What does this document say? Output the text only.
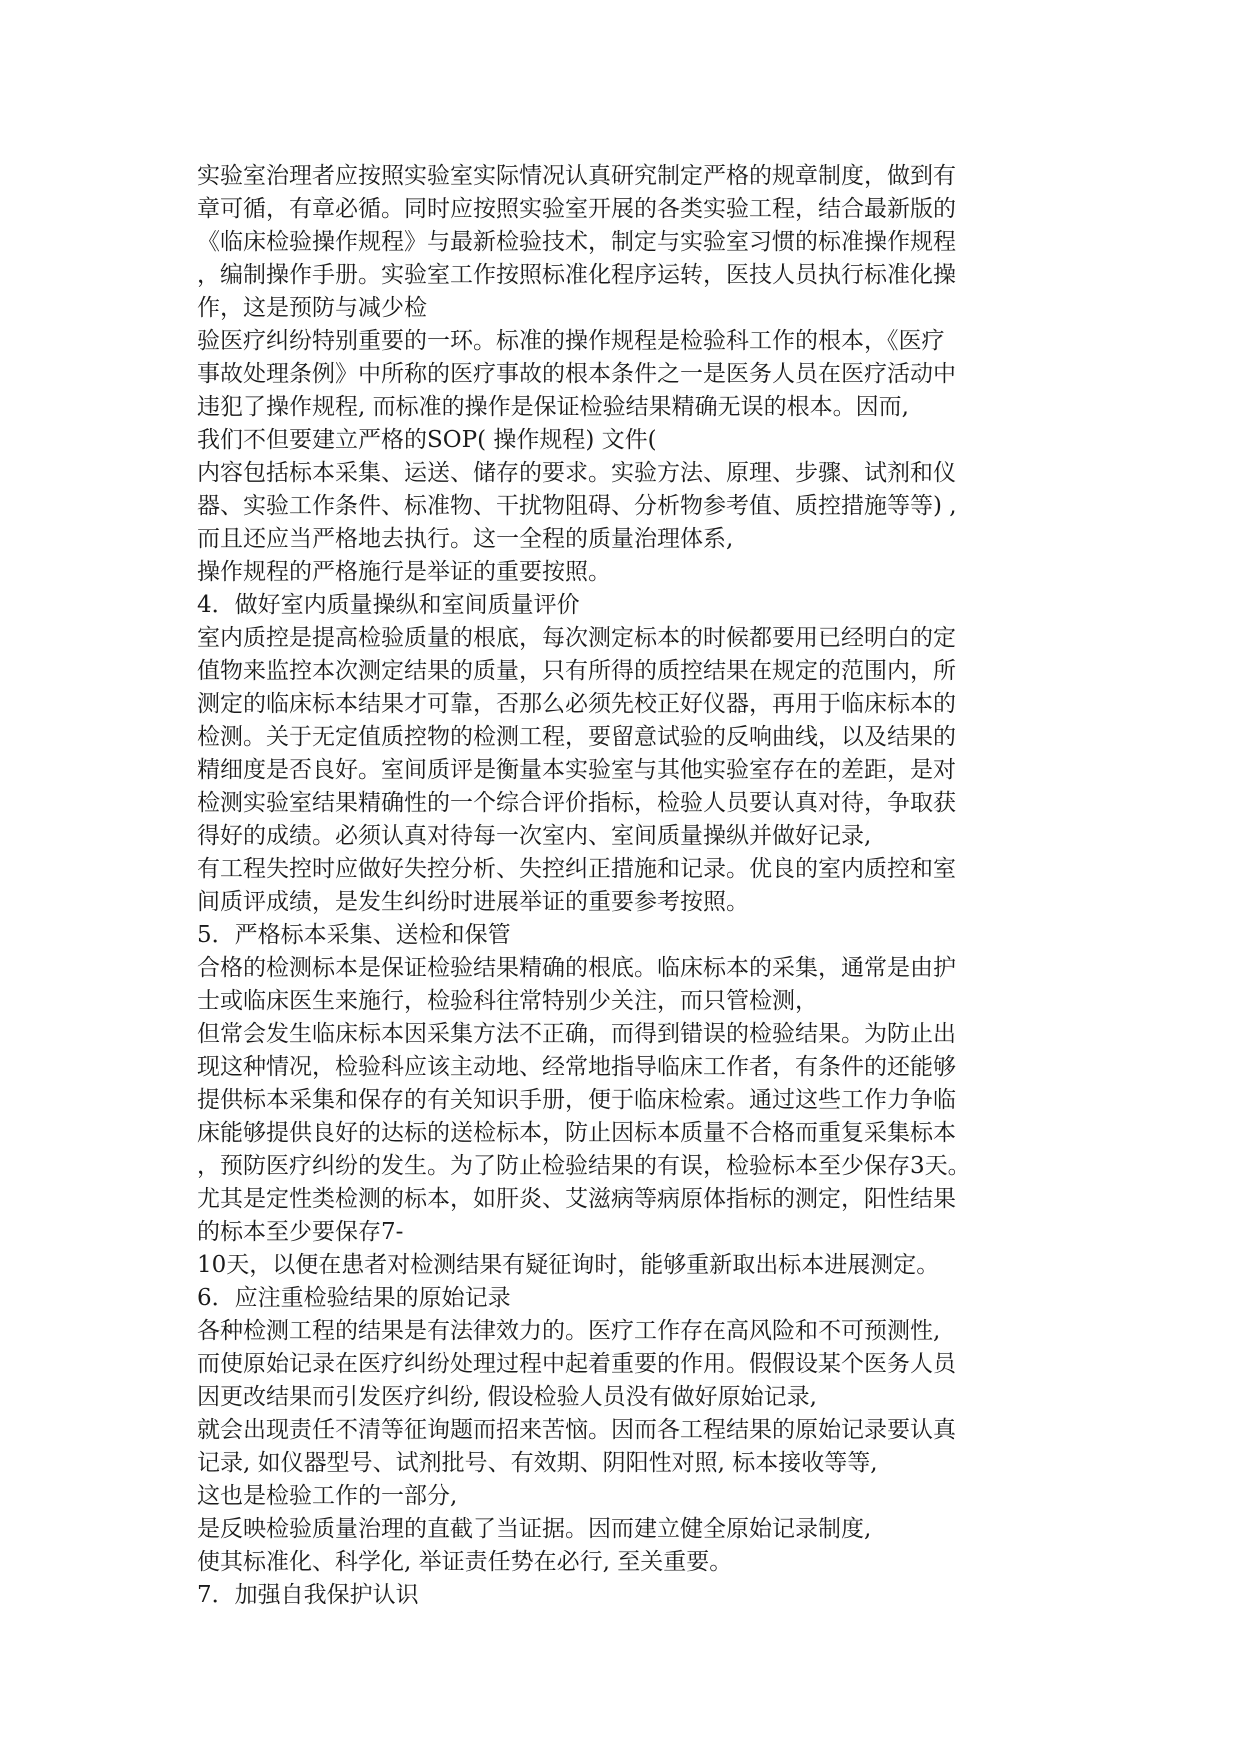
实验室治理者应按照实验室实际情况认真研究制定严格的规章制度，做到有
章可循，有章必循。同时应按照实验室开展的各类实验工程，结合最新版的
《临床检验操作规程》与最新检验技术，制定与实验室习惯的标准操作规程
，编制操作手册。实验室工作按照标准化程序运转，医技人员执行标准化操
作，这是预防与减少检
验医疗纠纷特别重要的一环。标准的操作规程是检验科工作的根本，《医疗
事故处理条例》中所称的医疗事故的根本条件之一是医务人员在医疗活动中
违犯了操作规程, 而标准的操作是保证检验结果精确无误的根本。因而,
我们不但要建立严格的SOP( 操作规程) 文件(
内容包括标本采集、运送、储存的要求。实验方法、原理、步骤、试剂和仪
器、实验工作条件、标准物、干扰物阻碍、分析物参考值、质控措施等等) ,
而且还应当严格地去执行。这一全程的质量治理体系,
操作规程的严格施行是举证的重要按照。
4．做好室内质量操纵和室间质量评价
室内质控是提高检验质量的根底，每次测定标本的时候都要用已经明白的定
值物来监控本次测定结果的质量，只有所得的质控结果在规定的范围内，所
测定的临床标本结果才可靠，否那么必须先校正好仪器，再用于临床标本的
检测。关于无定值质控物的检测工程，要留意试验的反响曲线，以及结果的
精细度是否良好。室间质评是衡量本实验室与其他实验室存在的差距，是对
检测实验室结果精确性的一个综合评价指标，检验人员要认真对待，争取获
得好的成绩。必须认真对待每一次室内、室间质量操纵并做好记录,
有工程失控时应做好失控分析、失控纠正措施和记录。优良的室内质控和室
间质评成绩，是发生纠纷时进展举证的重要参考按照。
5．严格标本采集、送检和保管
合格的检测标本是保证检验结果精确的根底。临床标本的采集，通常是由护
士或临床医生来施行，检验科往常特别少关注，而只管检测，
但常会发生临床标本因采集方法不正确，而得到错误的检验结果。为防止出
现这种情况，检验科应该主动地、经常地指导临床工作者，有条件的还能够
提供标本采集和保存的有关知识手册，便于临床检索。通过这些工作力争临
床能够提供良好的达标的送检标本，防止因标本质量不合格而重复采集标本
，预防医疗纠纷的发生。为了防止检验结果的有误，检验标本至少保存3天。
尤其是定性类检测的标本，如肝炎、艾滋病等病原体指标的测定，阳性结果
的标本至少要保存7-
10天，以便在患者对检测结果有疑征询时，能够重新取出标本进展测定。
6．应注重检验结果的原始记录
各种检测工程的结果是有法律效力的。医疗工作存在高风险和不可预测性,
而使原始记录在医疗纠纷处理过程中起着重要的作用。假假设某个医务人员
因更改结果而引发医疗纠纷, 假设检验人员没有做好原始记录,
就会出现责任不清等征询题而招来苦恼。因而各工程结果的原始记录要认真
记录, 如仪器型号、试剂批号、有效期、阴阳性对照, 标本接收等等,
这也是检验工作的一部分,
是反映检验质量治理的直截了当证据。因而建立健全原始记录制度,
使其标准化、科学化, 举证责任势在必行, 至关重要。
7．加强自我保护认识
